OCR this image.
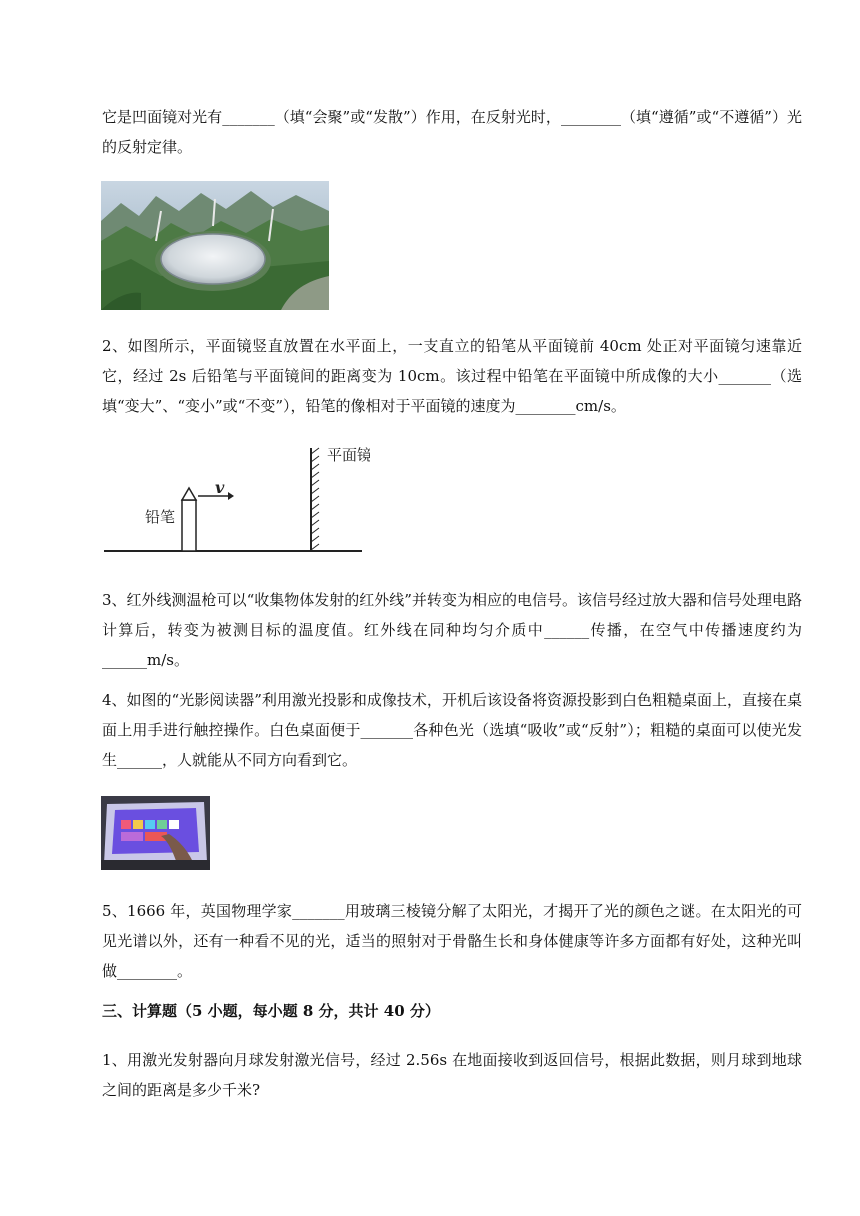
它是凹面镜对光有_______（填“会聚”或“发散”）作用，在反射光时，________（填“遵循”或“不遵循”）光的反射定律。

2、如图所示，平面镜竖直放置在水平面上，一支直立的铅笔从平面镜前 40cm 处正对平面镜匀速靠近它，经过 2s 后铅笔与平面镜间的距离变为 10cm。该过程中铅笔在平面镜中所成像的大小_______（选填“变大”、“变小”或“不变”），铅笔的像相对于平面镜的速度为________cm/s。

平面镜
铅笔
v

3、红外线测温枪可以“收集物体发射的红外线”并转变为相应的电信号。该信号经过放大器和信号处理电路计算后，转变为被测目标的温度值。红外线在同种均匀介质中______传播，在空气中传播速度约为______m/s。

4、如图的“光影阅读器”利用激光投影和成像技术，开机后该设备将资源投影到白色粗糙桌面上，直接在桌面上用手进行触控操作。白色桌面便于_______各种色光（选填“吸收”或“反射”）；粗糙的桌面可以使光发生______，人就能从不同方向看到它。

5、1666 年，英国物理学家_______用玻璃三棱镜分解了太阳光，才揭开了光的颜色之谜。在太阳光的可见光谱以外，还有一种看不见的光，适当的照射对于骨骼生长和身体健康等许多方面都有好处，这种光叫做________。

三、计算题（5 小题，每小题 8 分，共计 40 分）

1、用激光发射器向月球发射激光信号，经过 2.56s 在地面接收到返回信号，根据此数据，则月球到地球之间的距离是多少千米?
